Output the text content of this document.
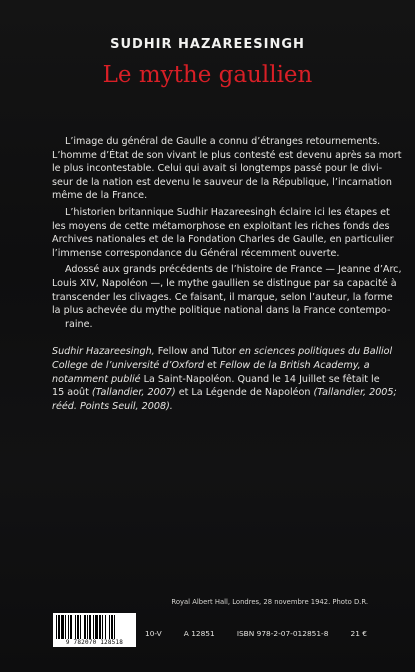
SUDHIR HAZAREESINGH
Le mythe gaullien
L’image du général de Gaulle a connu d’étranges retournements.
L’homme d’État de son vivant le plus contesté est devenu après sa mort
le plus incontestable. Celui qui avait si longtemps passé pour le divi-
seur de la nation est devenu le sauveur de la République, l’incarnation
même de la France.
L’historien britannique Sudhir Hazareesingh éclaire ici les étapes et
les moyens de cette métamorphose en exploitant les riches fonds des
Archives nationales et de la Fondation Charles de Gaulle, en particulier
l’immense correspondance du Général récemment ouverte.
Adossé aux grands précédents de l’histoire de France — Jeanne d’Arc,
Louis XIV, Napoléon —, le mythe gaullien se distingue par sa capacité à
transcender les clivages. Ce faisant, il marque, selon l’auteur, la forme
la plus achevée du mythe politique national dans la France contempo-
raine.
Sudhir Hazareesingh, Fellow and Tutor en sciences politiques du Balliol
College de l’université d’Oxford et Fellow de la British Academy, a
notamment publié La Saint-Napoléon. Quand le 14 Juillet se fêtait le
15 août (Tallandier, 2007) et La Légende de Napoléon (Tallandier, 2005;
rééd. Points Seuil, 2008).
Royal Albert Hall, Londres, 28 novembre 1942. Photo D.R.
9 782070 128518
10-V	A 12851	ISBN 978-2-07-012851-8	21 €
